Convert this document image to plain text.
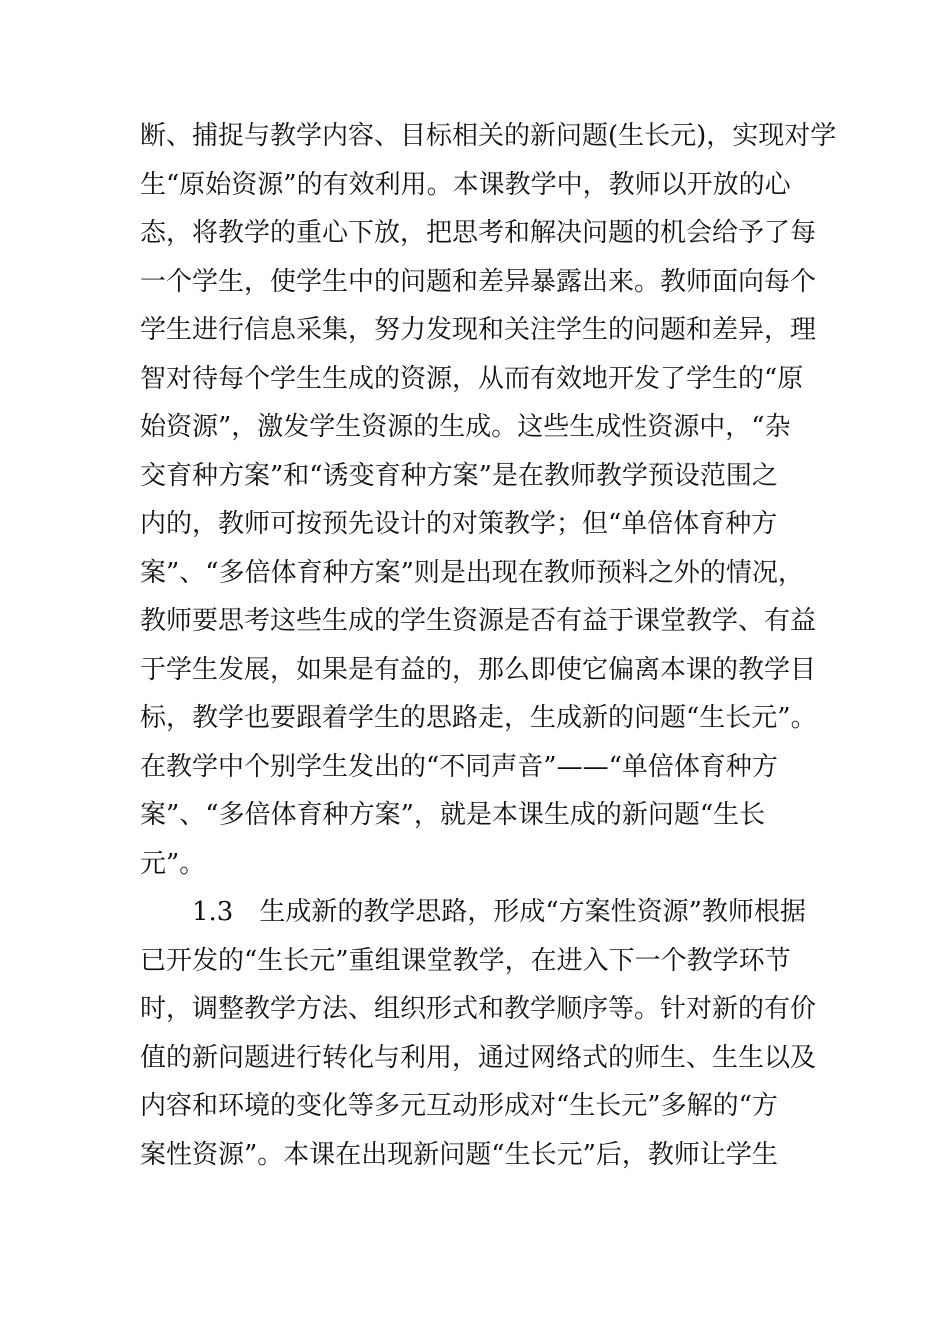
断、捕捉与教学内容、目标相关的新问题(生长元)，实现对学
生“原始资源”的有效利用。本课教学中，教师以开放的心
态，将教学的重心下放，把思考和解决问题的机会给予了每
一个学生，使学生中的问题和差异暴露出来。教师面向每个
学生进行信息采集，努力发现和关注学生的问题和差异，理
智对待每个学生生成的资源，从而有效地开发了学生的“原
始资源”，激发学生资源的生成。这些生成性资源中，“杂
交育种方案”和“诱变育种方案”是在教师教学预设范围之
内的，教师可按预先设计的对策教学；但“单倍体育种方
案”、“多倍体育种方案”则是出现在教师预料之外的情况，
教师要思考这些生成的学生资源是否有益于课堂教学、有益
于学生发展，如果是有益的，那么即使它偏离本课的教学目
标，教学也要跟着学生的思路走，生成新的问题“生长元”。
在教学中个别学生发出的“不同声音”——“单倍体育种方
案”、“多倍体育种方案”，就是本课生成的新问题“生长
元”。
1.3　生成新的教学思路，形成“方案性资源”教师根据
已开发的“生长元”重组课堂教学，在进入下一个教学环节
时，调整教学方法、组织形式和教学顺序等。针对新的有价
值的新问题进行转化与利用，通过网络式的师生、生生以及
内容和环境的变化等多元互动形成对“生长元”多解的“方
案性资源”。本课在出现新问题“生长元”后，教师让学生
